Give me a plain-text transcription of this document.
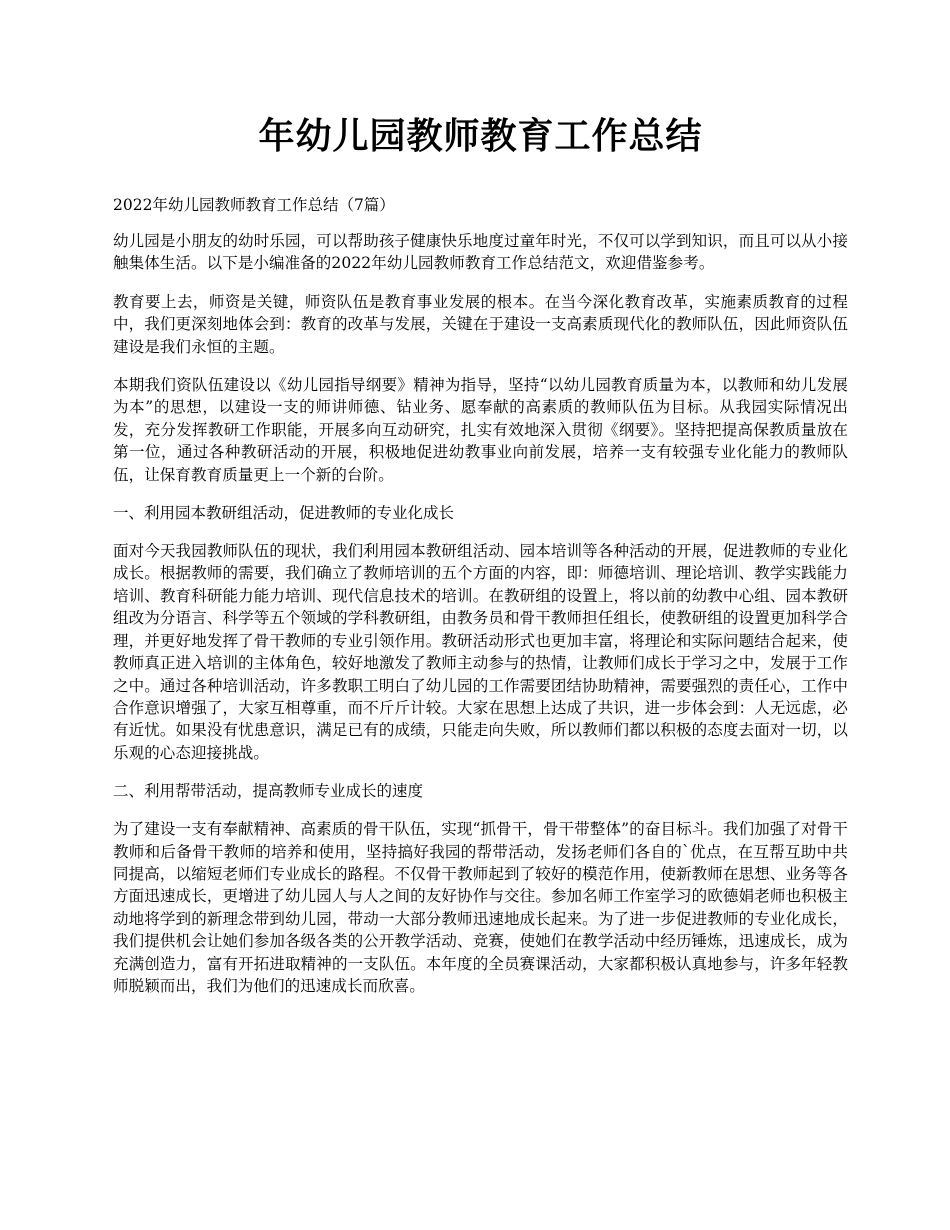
年幼儿园教师教育工作总结

2022年幼儿园教师教育工作总结（7篇）

幼儿园是小朋友的幼时乐园，可以帮助孩子健康快乐地度过童年时光，不仅可以学到知识，而且可以从小接触集体生活。以下是小编准备的2022年幼儿园教师教育工作总结范文，欢迎借鉴参考。

教育要上去，师资是关键，师资队伍是教育事业发展的根本。在当今深化教育改革，实施素质教育的过程中，我们更深刻地体会到：教育的改革与发展，关键在于建设一支高素质现代化的教师队伍，因此师资队伍建设是我们永恒的主题。

本期我们资队伍建设以《幼儿园指导纲要》精神为指导，坚持“以幼儿园教育质量为本，以教师和幼儿发展为本”的思想，以建设一支的师讲师德、钻业务、愿奉献的高素质的教师队伍为目标。从我园实际情况出发，充分发挥教研工作职能，开展多向互动研究，扎实有效地深入贯彻《纲要》。坚持把提高保教质量放在第一位，通过各种教研活动的开展，积极地促进幼教事业向前发展，培养一支有较强专业化能力的教师队伍，让保育教育质量更上一个新的台阶。

一、利用园本教研组活动，促进教师的专业化成长

面对今天我园教师队伍的现状，我们利用园本教研组活动、园本培训等各种活动的开展，促进教师的专业化成长。根据教师的需要，我们确立了教师培训的五个方面的内容，即：师德培训、理论培训、教学实践能力培训、教育科研能力能力培训、现代信息技术的培训。在教研组的设置上，将以前的幼教中心组、园本教研组改为分语言、科学等五个领域的学科教研组，由教务员和骨干教师担任组长，使教研组的设置更加科学合理，并更好地发挥了骨干教师的专业引领作用。教研活动形式也更加丰富，将理论和实际问题结合起来，使教师真正进入培训的主体角色，较好地激发了教师主动参与的热情，让教师们成长于学习之中，发展于工作之中。通过各种培训活动，许多教职工明白了幼儿园的工作需要团结协助精神，需要强烈的责任心，工作中合作意识增强了，大家互相尊重，而不斤斤计较。大家在思想上达成了共识，进一步体会到：人无远虑，必有近忧。如果没有忧患意识，满足已有的成绩，只能走向失败，所以教师们都以积极的态度去面对一切，以乐观的心态迎接挑战。

二、利用帮带活动，提高教师专业成长的速度

为了建设一支有奉献精神、高素质的骨干队伍，实现“抓骨干，骨干带整体”的奋目标斗。我们加强了对骨干教师和后备骨干教师的培养和使用，坚持搞好我园的帮带活动，发扬老师们各自的`优点，在互帮互助中共同提高，以缩短老师们专业成长的路程。不仅骨干教师起到了较好的模范作用，使新教师在思想、业务等各方面迅速成长，更增进了幼儿园人与人之间的友好协作与交往。参加名师工作室学习的欧德娟老师也积极主动地将学到的新理念带到幼儿园，带动一大部分教师迅速地成长起来。为了进一步促进教师的专业化成长，我们提供机会让她们参加各级各类的公开教学活动、竞赛，使她们在教学活动中经历锤炼，迅速成长，成为充满创造力，富有开拓进取精神的一支队伍。本年度的全员赛课活动，大家都积极认真地参与，许多年轻教师脱颖而出，我们为他们的迅速成长而欣喜。
